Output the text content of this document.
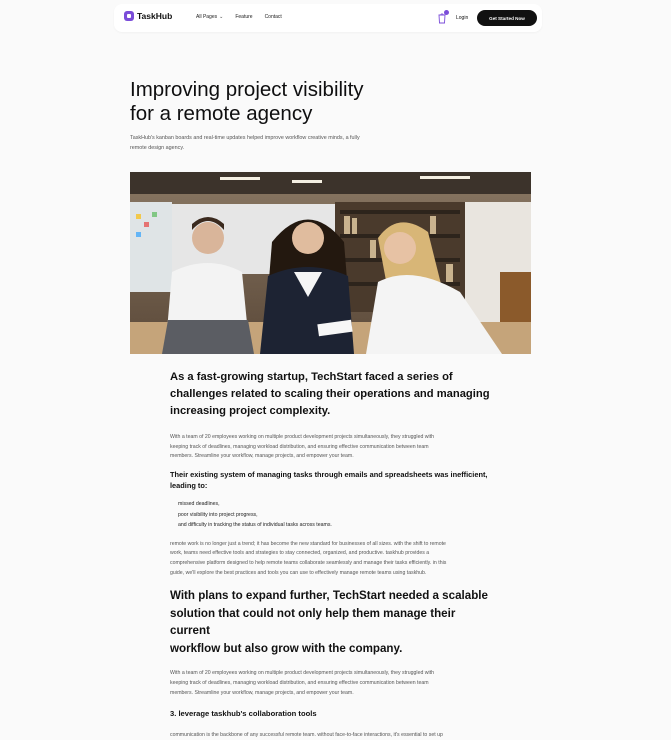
TaskHub	All Pages ⌄ Feature Contact	Login	Get Started Now
Improving project visibility
for a remote agency

TaskHub's kanban boards and real-time updates helped improve workflow creative minds, a fully
remote design agency.

As a fast-growing startup, TechStart faced a series of
challenges related to scaling their operations and managing
increasing project complexity.

With a team of 20 employees working on multiple product development projects simultaneously, they struggled with
keeping track of deadlines, managing workload distribution, and ensuring effective communication between team
members. Streamline your workflow, manage projects, and empower your team.

Their existing system of managing tasks through emails and spreadsheets was inefficient,
leading to:
missed deadlines,
poor visibility into project progress,
and difficulty in tracking the status of individual tasks across teams.

remote work is no longer just a trend; it has become the new standard for businesses of all sizes. with the shift to remote
work, teams need effective tools and strategies to stay connected, organized, and productive. taskhub provides a
comprehensive platform designed to help remote teams collaborate seamlessly and manage their tasks efficiently. in this
guide, we'll explore the best practices and tools you can use to effectively manage remote teams using taskhub.

With plans to expand further, TechStart needed a scalable
solution that could not only help them manage their current
workflow but also grow with the company.

With a team of 20 employees working on multiple product development projects simultaneously, they struggled with
keeping track of deadlines, managing workload distribution, and ensuring effective communication between team
members. Streamline your workflow, manage projects, and empower your team.

3. leverage taskhub's collaboration tools

communication is the backbone of any successful remote team. without face-to-face interactions, it's essential to set up
